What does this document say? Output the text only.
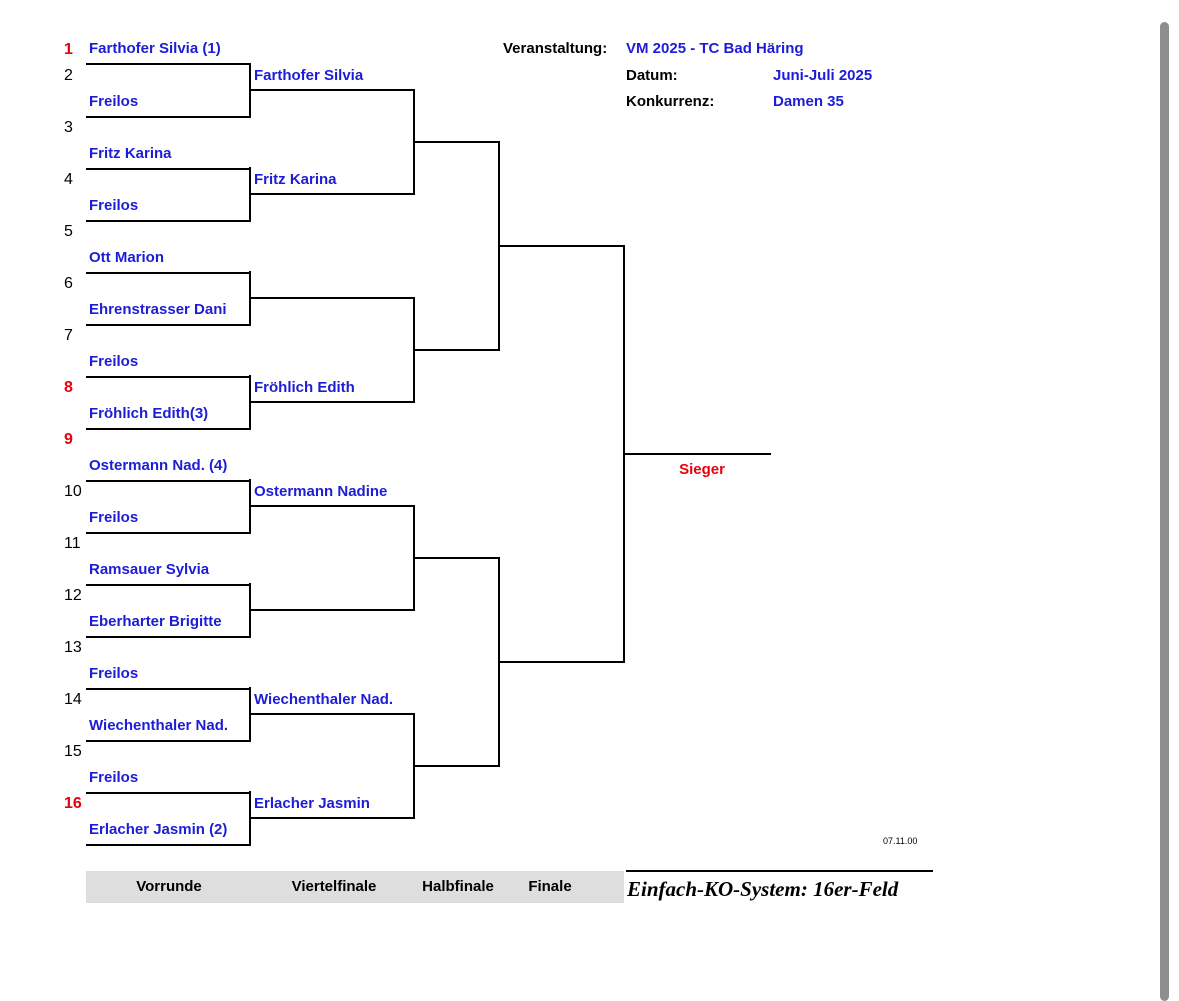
1 Farthofer Silvia (1)
2
Freilos
3
Fritz Karina
4
Freilos
5
Ott Marion
6
Ehrenstrasser Dani
7
Freilos
8
Fröhlich Edith(3)
9
Ostermann Nad. (4)
10
Freilos
11
Ramsauer Sylvia
12
Eberharter Brigitte
13
Freilos
14
Wiechenthaler Nad.
15
Freilos
16
Erlacher Jasmin (2)
Farthofer Silvia
Fritz Karina
Fröhlich Edith
Ostermann Nadine
Wiechenthaler Nad.
Erlacher Jasmin
Veranstaltung: VM 2025 - TC Bad Häring
Datum:	Juni-Juli 2025
Konkurrenz:	Damen 35
Sieger
Einfach-KO-System: 16er-Feld
07.11.00
Vorrunde	Viertelfinale	Halbfinale	Finale
